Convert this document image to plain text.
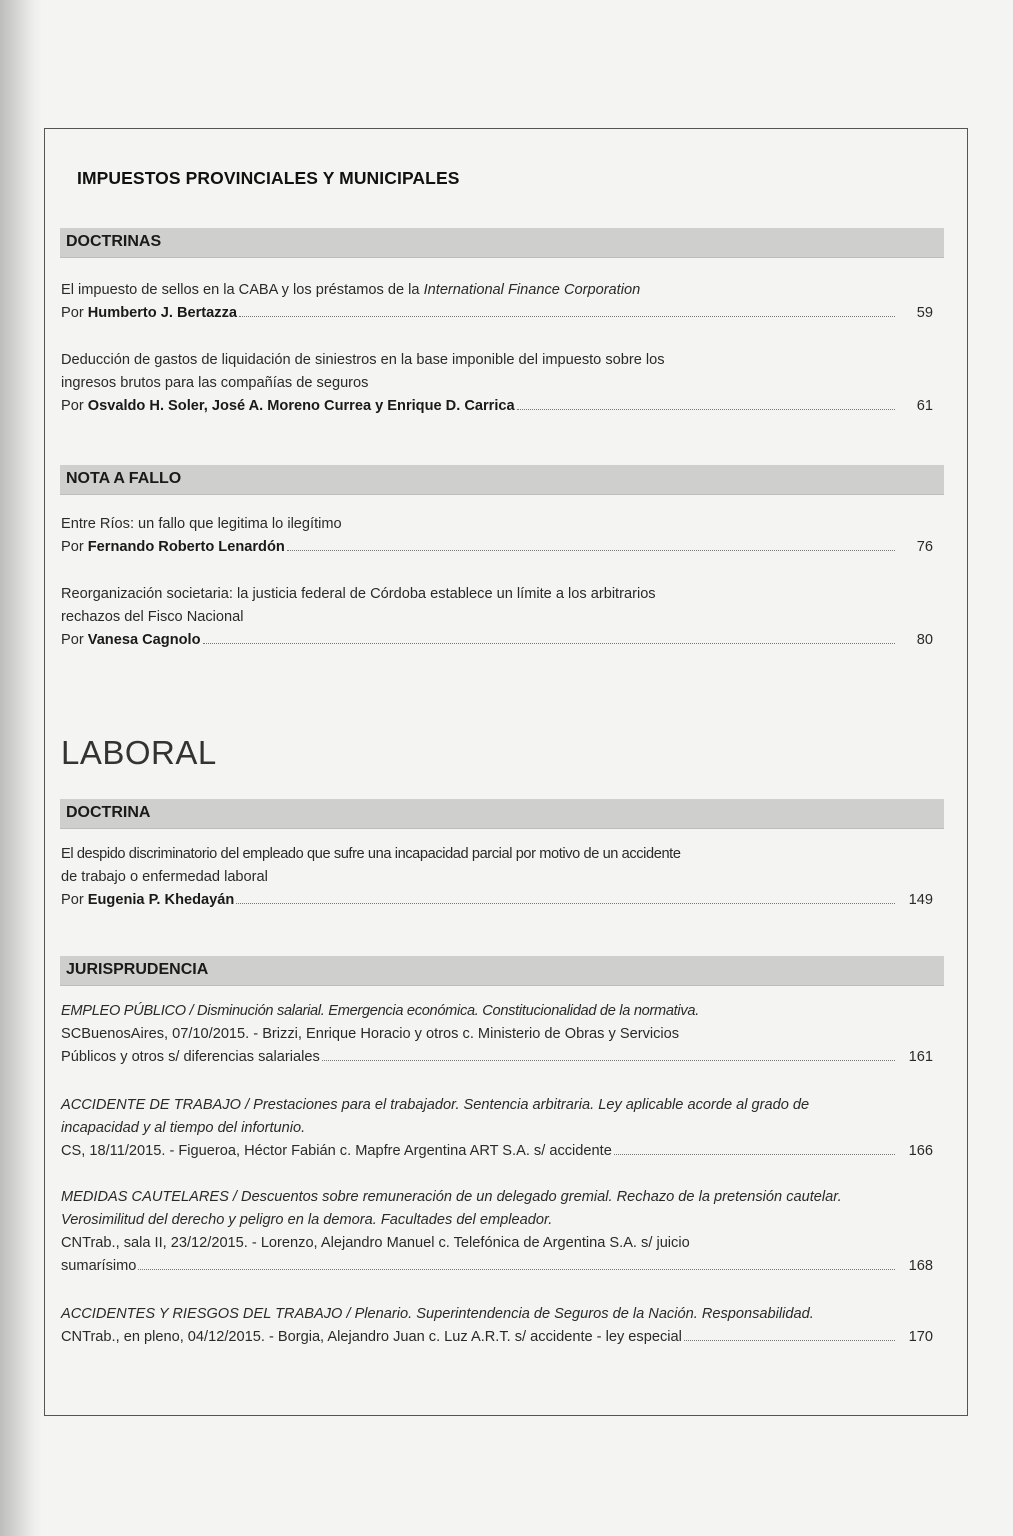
IMPUESTOS PROVINCIALES Y MUNICIPALES
DOCTRINAS

El impuesto de sellos en la CABA y los préstamos de la International Finance Corporation

Por Humberto J. Bertazza	59

Deducción de gastos de liquidación de siniestros en la base imponible del impuesto sobre los

ingresos brutos para las compañías de seguros

Por Osvaldo H. Soler, José A. Moreno Currea y Enrique D. Carrica	61
NOTA A FALLO

Entre Ríos: un fallo que legitima lo ilegítimo

Por Fernando Roberto Lenardón	76

Reorganización societaria: la justicia federal de Córdoba establece un límite a los arbitrarios

rechazos del Fisco Nacional

Por Vanesa Cagnolo	80
LABORAL
DOCTRINA

El despido discriminatorio del empleado que sufre una incapacidad parcial por motivo de un accidente

de trabajo o enfermedad laboral

Por Eugenia P. Khedayán	149
JURISPRUDENCIA

EMPLEO PÚBLICO / Disminución salarial. Emergencia económica. Constitucionalidad de la normativa.

SCBuenosAires, 07/10/2015. - Brizzi, Enrique Horacio y otros c. Ministerio de Obras y Servicios

Públicos y otros s/ diferencias salariales	161

ACCIDENTE DE TRABAJO / Prestaciones para el trabajador. Sentencia arbitraria. Ley aplicable acorde al grado de incapacidad y al tiempo del infortunio.

CS, 18/11/2015. - Figueroa, Héctor Fabián c. Mapfre Argentina ART S.A. s/ accidente	166

MEDIDAS CAUTELARES / Descuentos sobre remuneración de un delegado gremial. Rechazo de la pretensión cautelar. Verosimilitud del derecho y peligro en la demora. Facultades del empleador.

CNTrab., sala II, 23/12/2015. - Lorenzo, Alejandro Manuel c. Telefónica de Argentina S.A. s/ juicio

sumarísimo	168

ACCIDENTES Y RIESGOS DEL TRABAJO / Plenario. Superintendencia de Seguros de la Nación. Responsabilidad.

CNTrab., en pleno, 04/12/2015. - Borgia, Alejandro Juan c. Luz A.R.T. s/ accidente - ley especial	170
